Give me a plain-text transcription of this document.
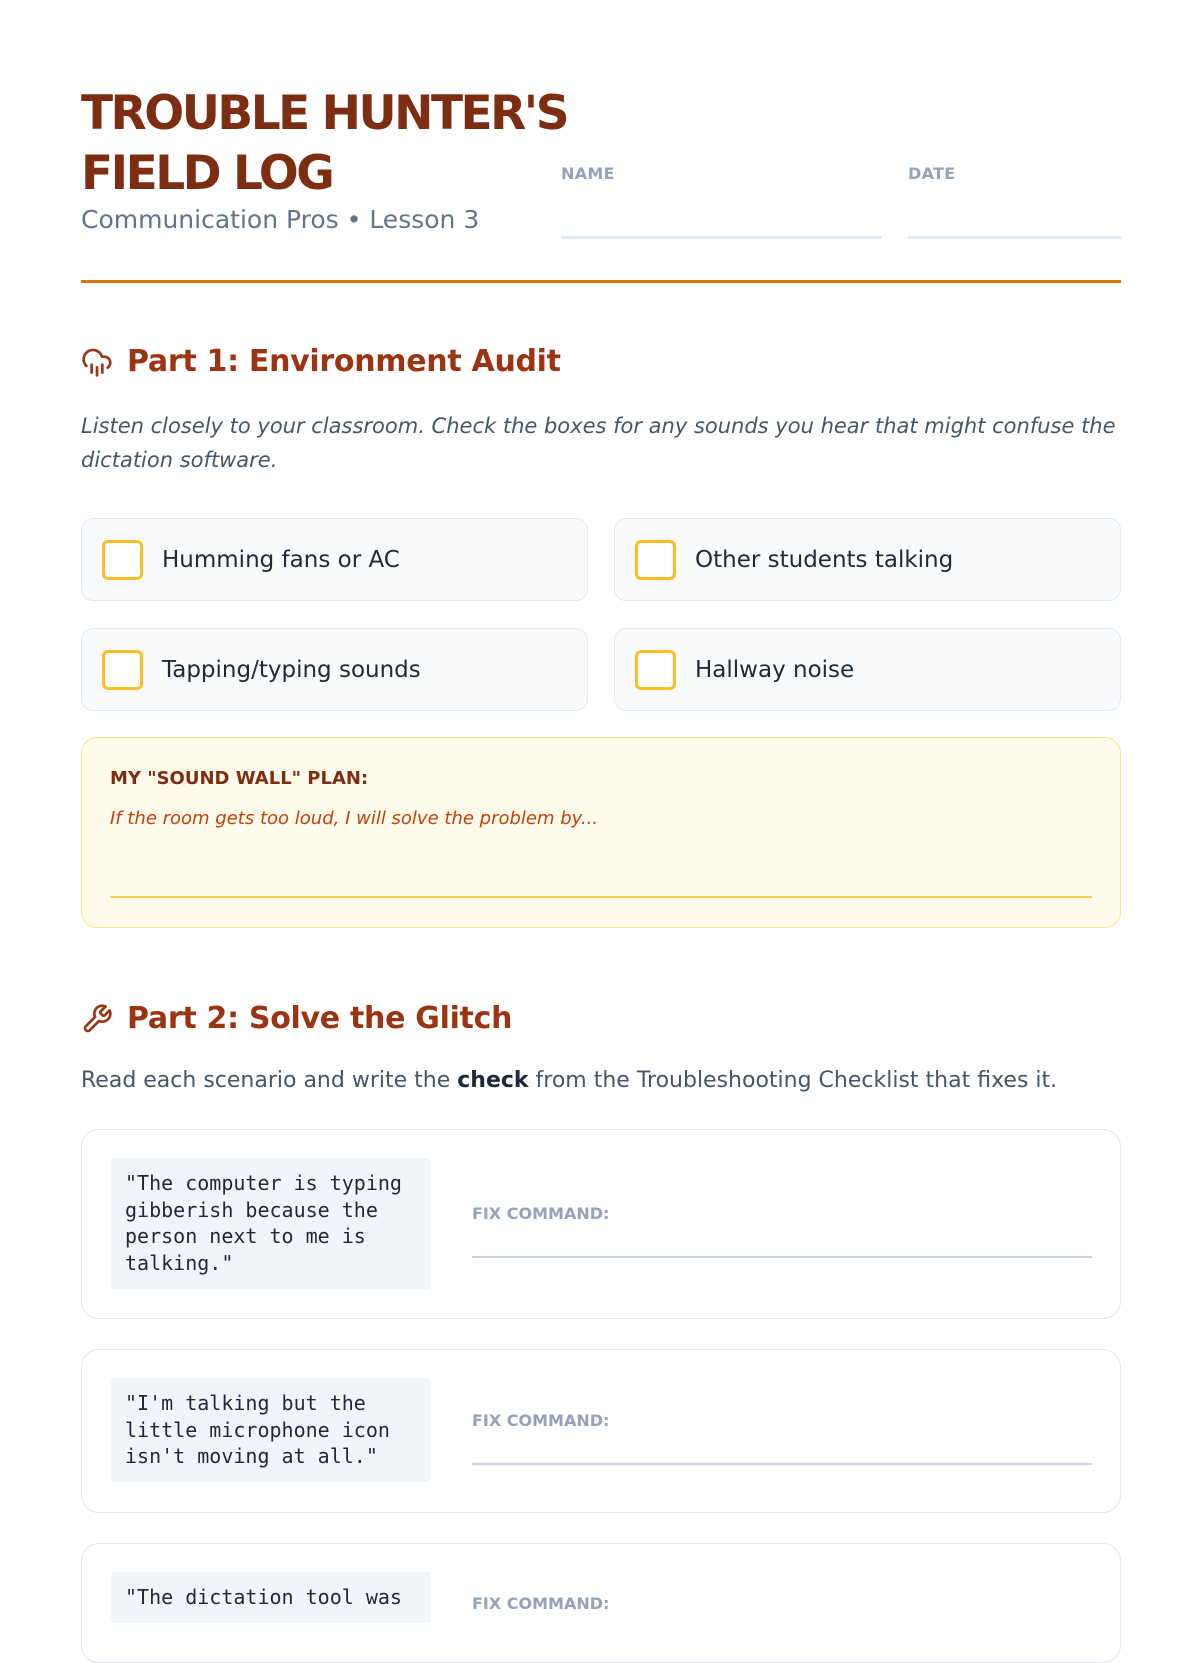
TROUBLE HUNTER'S
FIELD LOG
Communication Pros • Lesson 3
NAME	DATE
Part 1: Environment Audit

Listen closely to your classroom. Check the boxes for any sounds you hear that might confuse the dictation software.

Humming fans or AC	Other students talking
Tapping/typing sounds	Hallway noise
MY "SOUND WALL" PLAN:
If the room gets too loud, I will solve the problem by...
Part 2: Solve the Glitch

Read each scenario and write the check from the Troubleshooting Checklist that fixes it.

"The computer is typing
gibberish because the
person next to me is
talking."
FIX COMMAND:
"I'm talking but the
little microphone icon
isn't moving at all."
FIX COMMAND:
"The dictation tool was	FIX COMMAND:
